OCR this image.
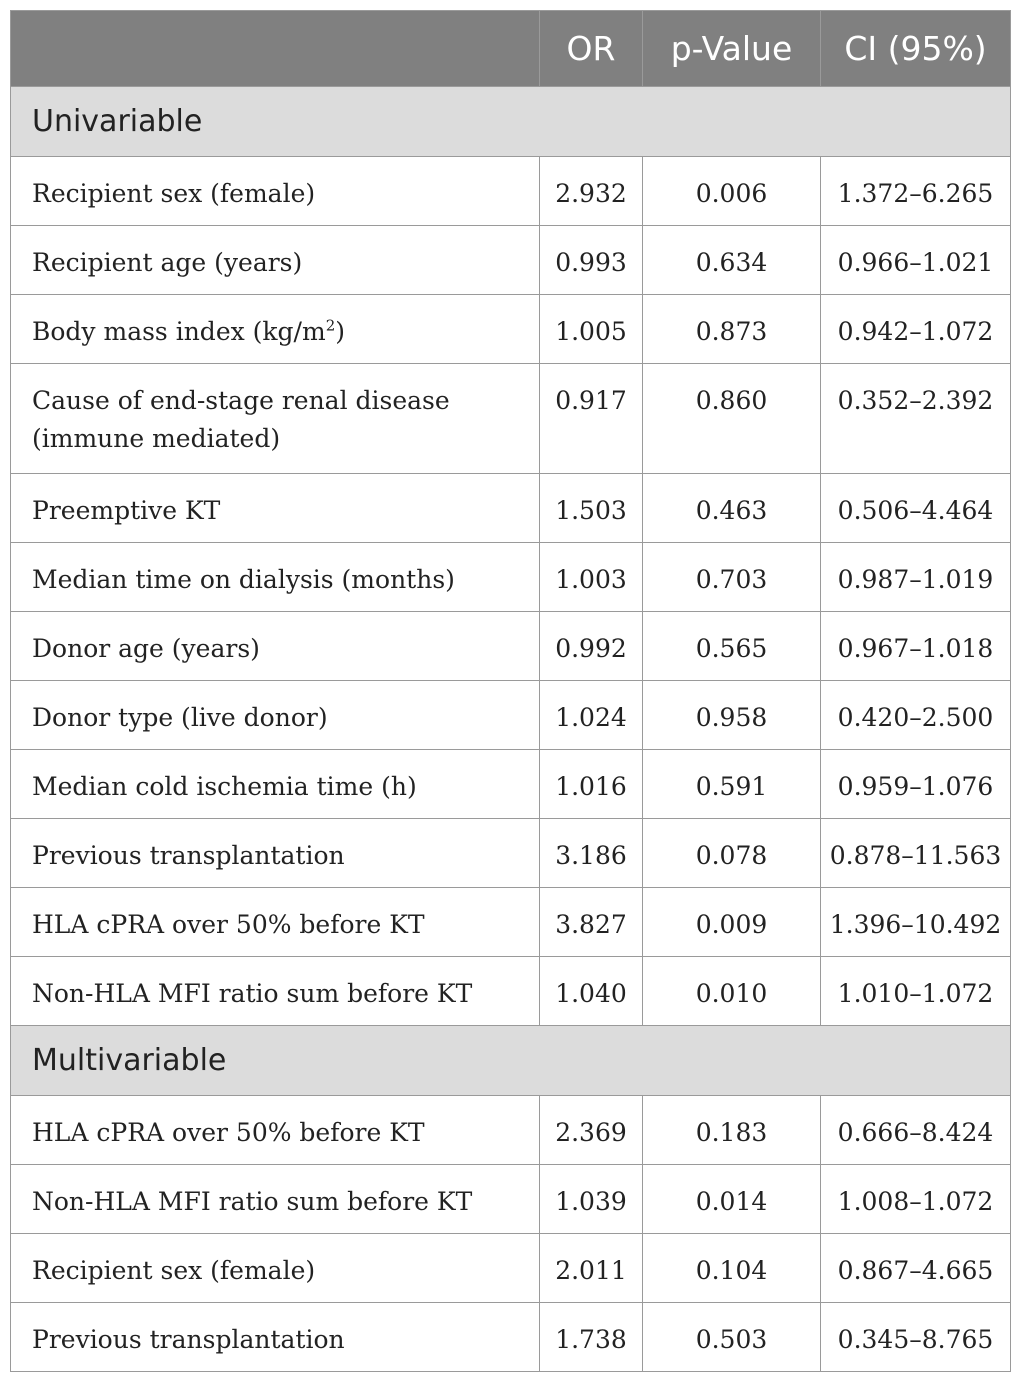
	OR	p-Value	CI (95%)
Univariable			
Recipient sex (female)	2.932	0.006	1.372–6.265
Recipient age (years)	0.993	0.634	0.966–1.021
Body mass index $(kg/m^2)$	1.005	0.873	0.942–1.072
Cause of end-stage renal disease
(immune mediated)	0.917	0.860	0.352–2.392
Preemptive KT	1.503	0.463	0.506–4.464
Median time on dialysis (months)	1.003	0.703	0.987–1.019
Donor age (years)	0.992	0.565	0.967–1.018
Donor type (live donor)	1.024	0.958	0.420–2.500
Median cold ischemia time (h)	1.016	0.591	0.959–1.076
Previous transplantation	3.186	0.078	0.878–11.563
HLA cPRA over 50% before KT	3.827	0.009	1.396–10.492
Non-HLA MFI ratio sum before KT	1.040	0.010	1.010–1.072
Multivariable			
HLA cPRA over 50% before KT	2.369	0.183	0.666–8.424
Non-HLA MFI ratio sum before KT	1.039	0.014	1.008–1.072
Recipient sex (female)	2.011	0.104	0.867–4.665
Previous transplantation	1.738	0.503	0.345–8.765
